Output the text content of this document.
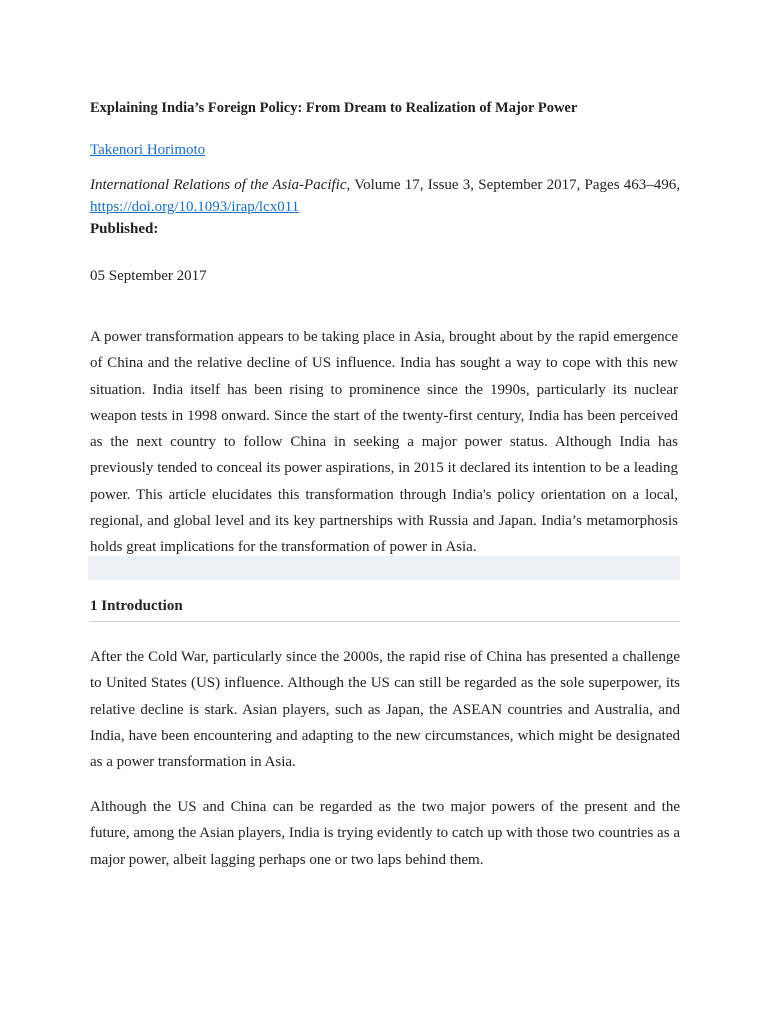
Explaining India’s Foreign Policy: From Dream to Realization of Major Power
Takenori Horimoto
International Relations of the Asia-Pacific, Volume 17, Issue 3, September 2017, Pages 463–496, https://doi.org/10.1093/irap/lcx011
Published:
05 September 2017

A power transformation appears to be taking place in Asia, brought about by the rapid emergence of China and the relative decline of US influence. India has sought a way to cope with this new situation. India itself has been rising to prominence since the 1990s, particularly its nuclear weapon tests in 1998 onward. Since the start of the twenty-first century, India has been perceived as the next country to follow China in seeking a major power status. Although India has previously tended to conceal its power aspirations, in 2015 it declared its intention to be a leading power. This article elucidates this transformation through India's policy orientation on a local, regional, and global level and its key partnerships with Russia and Japan. India’s metamorphosis holds great implications for the transformation of power in Asia.

1 Introduction

After the Cold War, particularly since the 2000s, the rapid rise of China has presented a challenge to United States (US) influence. Although the US can still be regarded as the sole superpower, its relative decline is stark. Asian players, such as Japan, the ASEAN countries and Australia, and India, have been encountering and adapting to the new circumstances, which might be designated as a power transformation in Asia.

Although the US and China can be regarded as the two major powers of the present and the future, among the Asian players, India is trying evidently to catch up with those two countries as a major power, albeit lagging perhaps one or two laps behind them.
